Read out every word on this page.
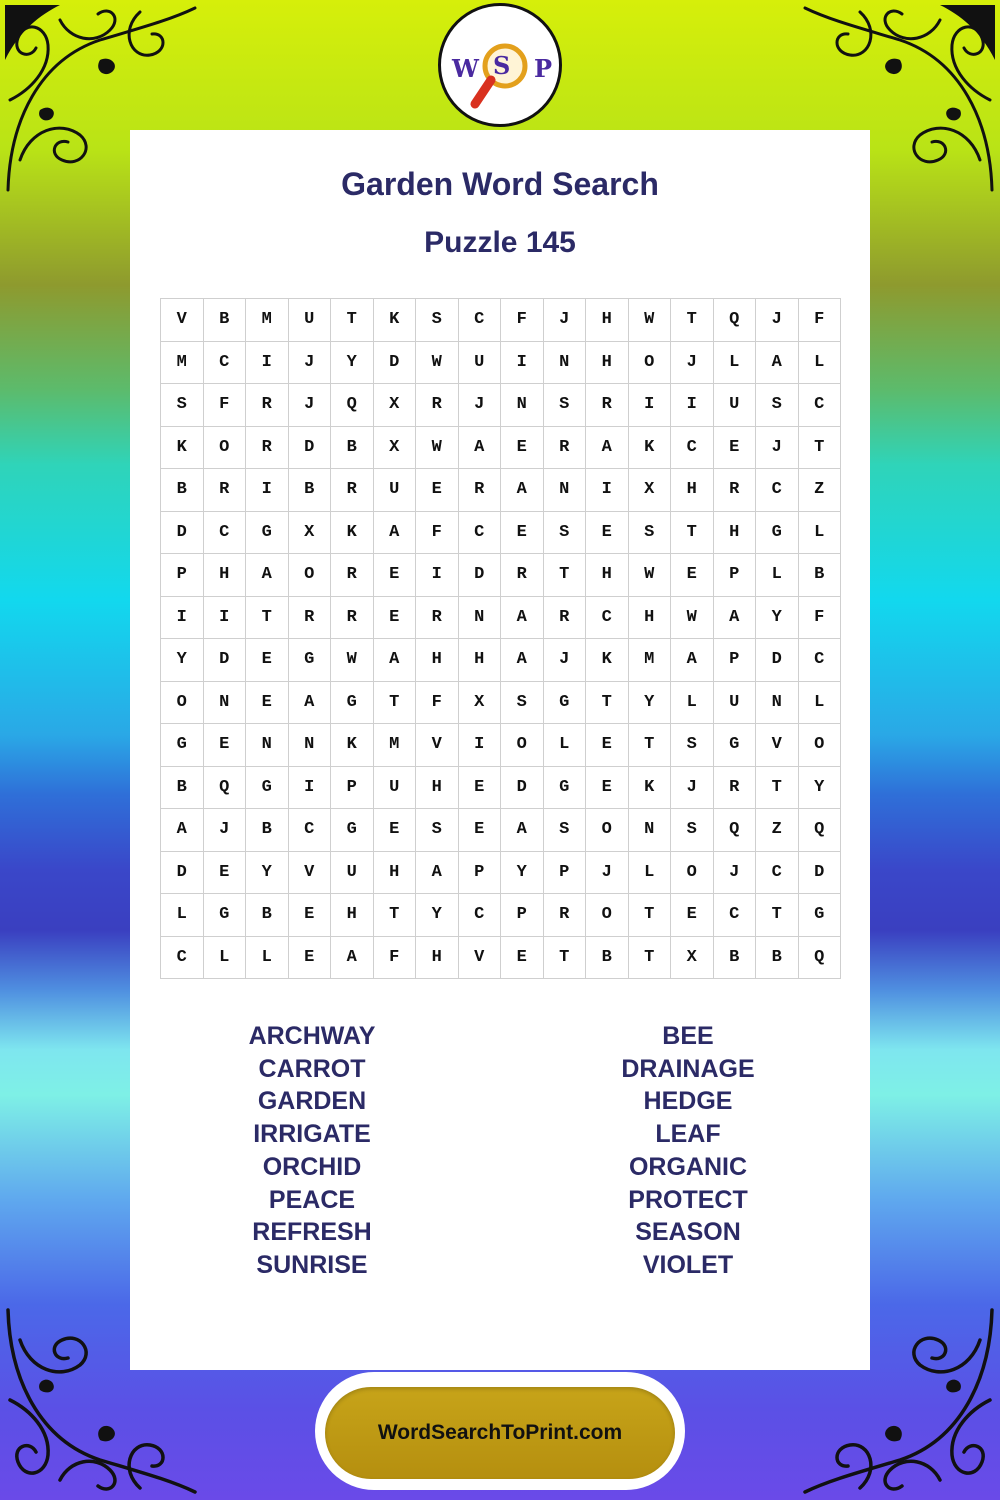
W S P
Garden Word Search
Puzzle 145
V	B	M	U	T	K	S	C	F	J	H	W	T	Q	J	F
M	C	I	J	Y	D	W	U	I	N	H	O	J	L	A	L
S	F	R	J	Q	X	R	J	N	S	R	I	I	U	S	C
K	O	R	D	B	X	W	A	E	R	A	K	C	E	J	T
B	R	I	B	R	U	E	R	A	N	I	X	H	R	C	Z
D	C	G	X	K	A	F	C	E	S	E	S	T	H	G	L
P	H	A	O	R	E	I	D	R	T	H	W	E	P	L	B
I	I	T	R	R	E	R	N	A	R	C	H	W	A	Y	F
Y	D	E	G	W	A	H	H	A	J	K	M	A	P	D	C
O	N	E	A	G	T	F	X	S	G	T	Y	L	U	N	L
G	E	N	N	K	M	V	I	O	L	E	T	S	G	V	O
B	Q	G	I	P	U	H	E	D	G	E	K	J	R	T	Y
A	J	B	C	G	E	S	E	A	S	O	N	S	Q	Z	Q
D	E	Y	V	U	H	A	P	Y	P	J	L	O	J	C	D
L	G	B	E	H	T	Y	C	P	R	O	T	E	C	T	G
C	L	L	E	A	F	H	V	E	T	B	T	X	B	B	Q
ARCHWAY
CARROT
GARDEN
IRRIGATE
ORCHID
PEACE
REFRESH
SUNRISE
BEE
DRAINAGE
HEDGE
LEAF
ORGANIC
PROTECT
SEASON
VIOLET
WordSearchToPrint.com
